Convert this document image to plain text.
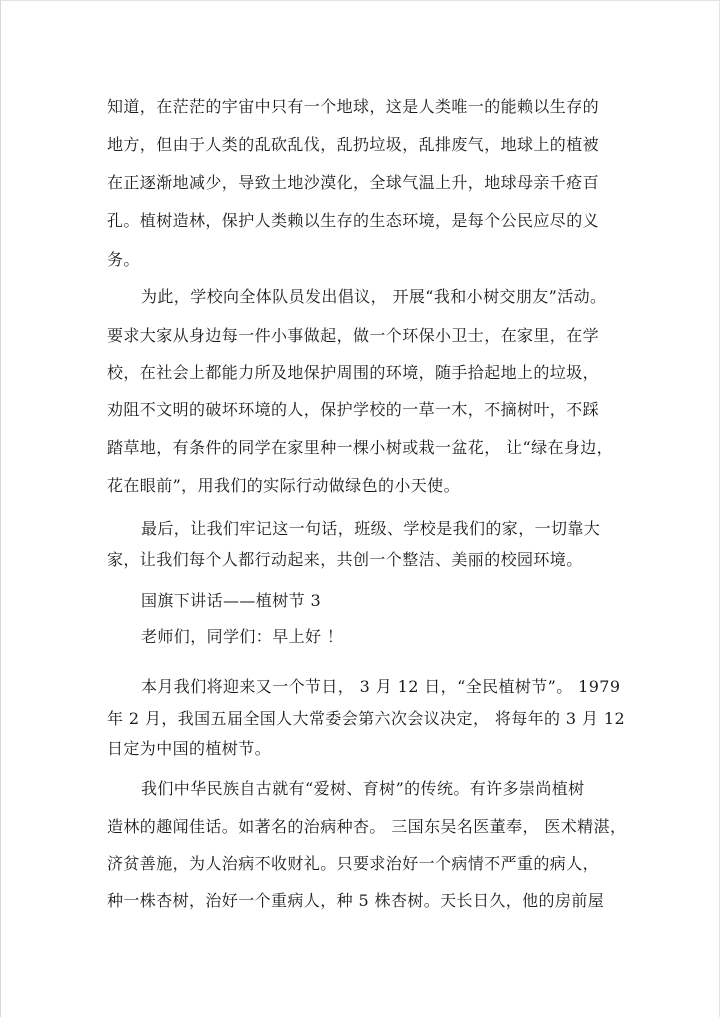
知道，在茫茫的宇宙中只有一个地球，这是人类唯一的能赖以生存的
地方，但由于人类的乱砍乱伐，乱扔垃圾，乱排废气，地球上的植被
在正逐渐地减少，导致土地沙漠化，全球气温上升，地球母亲千疮百
孔。植树造林，保护人类赖以生存的生态环境，是每个公民应尽的义
务。
为此，学校向全体队员发出倡议， 开展“我和小树交朋友”活动。
要求大家从身边每一件小事做起，做一个环保小卫士，在家里，在学
校，在社会上都能力所及地保护周围的环境，随手拾起地上的垃圾，
劝阻不文明的破坏环境的人，保护学校的一草一木，不摘树叶，不踩
踏草地，有条件的同学在家里种一棵小树或栽一盆花， 让“绿在身边，
花在眼前”，用我们的实际行动做绿色的小天使。
最后，让我们牢记这一句话，班级、学校是我们的家，一切靠大
家，让我们每个人都行动起来，共创一个整洁、美丽的校园环境。
国旗下讲话——植树节 3
老师们，同学们：早上好 ！
本月我们将迎来又一个节日， 3 月 12 日，“全民植树节”。 1979
年 2 月，我国五届全国人大常委会第六次会议决定， 将每年的 3 月 12
日定为中国的植树节。
我们中华民族自古就有“爱树、育树”的传统。有许多崇尚植树
造林的趣闻佳话。如著名的治病种杏。 三国东吴名医董奉， 医术精湛，
济贫善施，为人治病不收财礼。只要求治好一个病情不严重的病人，
种一株杏树，治好一个重病人，种 5 株杏树。天长日久，他的房前屋
